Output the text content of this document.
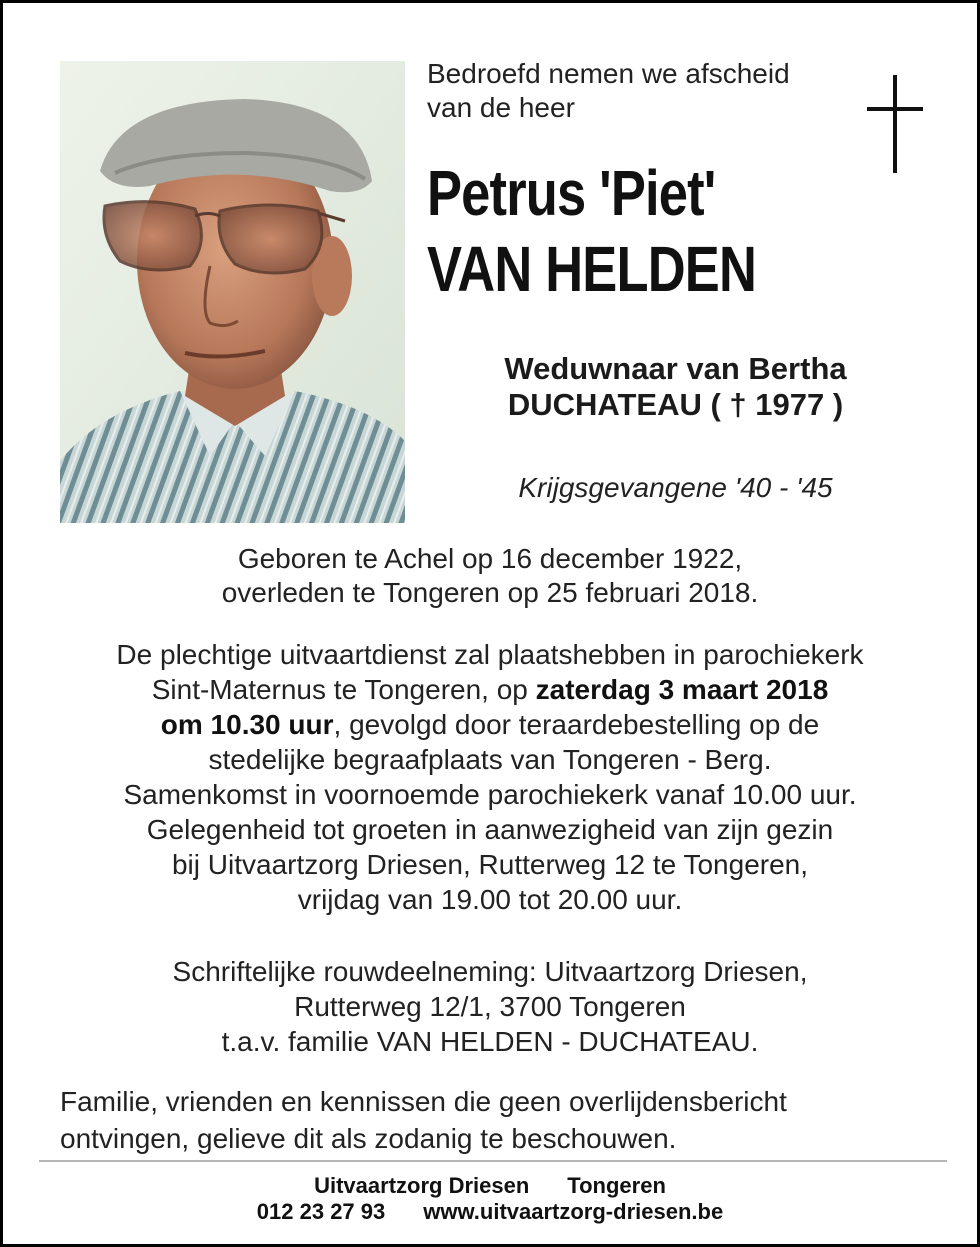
Bedroefd nemen we afscheid
van de heer
Petrus 'Piet'
VAN HELDEN
Weduwnaar van Bertha
DUCHATEAU ( † 1977 )
Krijgsgevangene '40 - '45
Geboren te Achel op 16 december 1922,
overleden te Tongeren op 25 februari 2018.
De plechtige uitvaartdienst zal plaatshebben in parochiekerk
Sint-Maternus te Tongeren, op zaterdag 3 maart 2018
om 10.30 uur, gevolgd door teraardebestelling op de
stedelijke begraafplaats van Tongeren - Berg.
Samenkomst in voornoemde parochiekerk vanaf 10.00 uur.
Gelegenheid tot groeten in aanwezigheid van zijn gezin
bij Uitvaartzorg Driesen, Rutterweg 12 te Tongeren,
vrijdag van 19.00 tot 20.00 uur.
Schriftelijke rouwdeelneming: Uitvaartzorg Driesen,
Rutterweg 12/1, 3700 Tongeren
t.a.v. familie VAN HELDEN - DUCHATEAU.
Familie, vrienden en kennissen die geen overlijdensbericht
ontvingen, gelieve dit als zodanig te beschouwen.
Uitvaartzorg Driesen Tongeren
012 23 27 93 www.uitvaartzorg-driesen.be
